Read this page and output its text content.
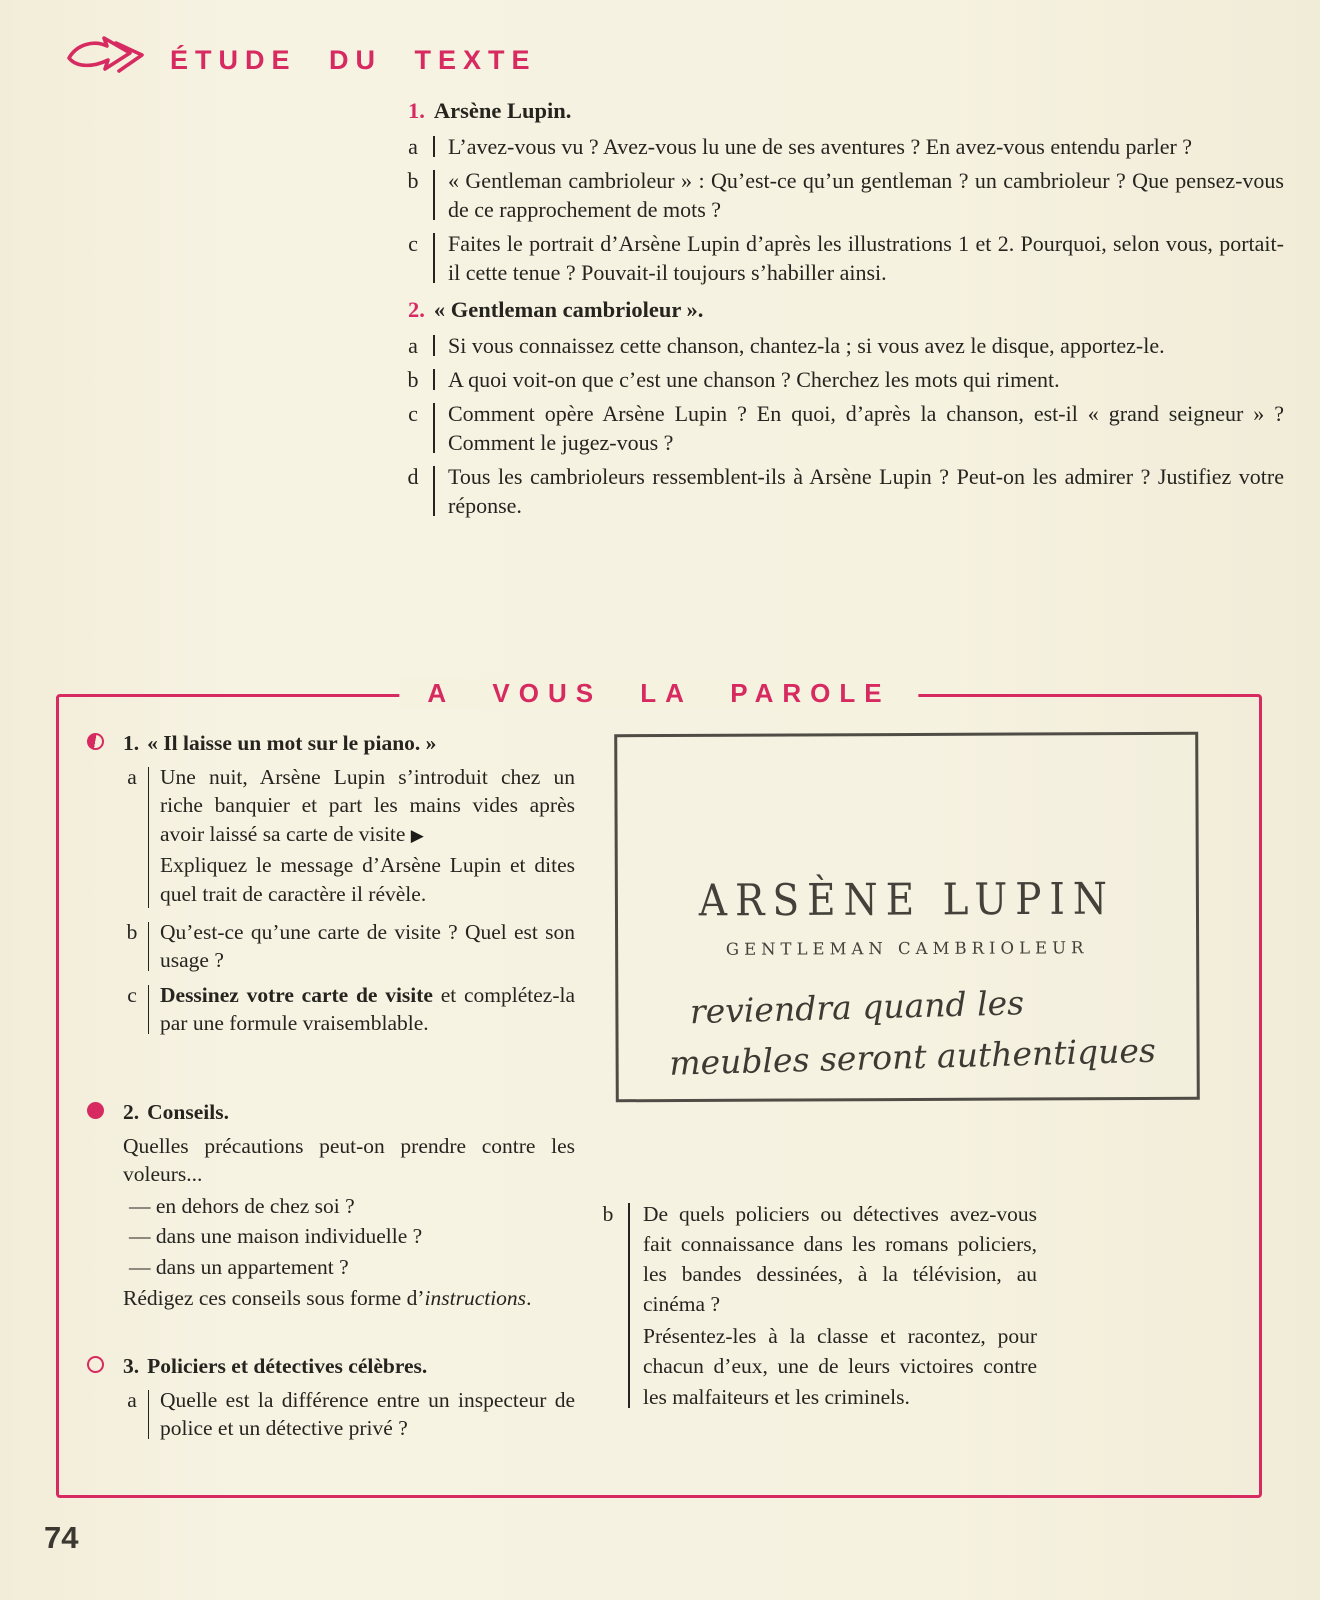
ÉTUDE DU TEXTE
1. Arsène Lupin.
a L’avez-vous vu ? Avez-vous lu une de ses aventures ? En avez-vous entendu parler ?
b « Gentleman cambrioleur » : Qu’est-ce qu’un gentleman ? un cambrioleur ? Que pensez-vous de ce rapprochement de mots ?
c Faites le portrait d’Arsène Lupin d’après les illustrations 1 et 2. Pourquoi, selon vous, portait-il cette tenue ? Pouvait-il toujours s’habiller ainsi.
2. « Gentleman cambrioleur ».
a Si vous connaissez cette chanson, chantez-la ; si vous avez le disque, apportez-le.
b A quoi voit-on que c’est une chanson ? Cherchez les mots qui riment.
c Comment opère Arsène Lupin ? En quoi, d’après la chanson, est-il « grand seigneur » ? Comment le jugez-vous ?
d Tous les cambrioleurs ressemblent-ils à Arsène Lupin ? Peut-on les admirer ? Justifiez votre réponse.
A VOUS LA PAROLE
1. « Il laisse un mot sur le piano. »
a Une nuit, Arsène Lupin s’introduit chez un riche banquier et part les mains vides après avoir laissé sa carte de visite ▶
Expliquez le message d’Arsène Lupin et dites quel trait de caractère il révèle.
b Qu’est-ce qu’une carte de visite ? Quel est son usage ?
c Dessinez votre carte de visite et complétez-la par une formule vraisemblable.
2. Conseils.
Quelles précautions peut-on prendre contre les voleurs...
— en dehors de chez soi ?
— dans une maison individuelle ?
— dans un appartement ?
Rédigez ces conseils sous forme d’instructions.
3. Policiers et détectives célèbres.
a Quelle est la différence entre un inspecteur de police et un détective privé ?
ARSÈNE LUPIN
GENTLEMAN CAMBRIOLEUR
reviendra quand les
meubles seront authentiques
b De quels policiers ou détectives avez-vous fait connaissance dans les romans policiers, les bandes dessinées, à la télévision, au cinéma ?
Présentez-les à la classe et racontez, pour chacun d’eux, une de leurs victoires contre les malfaiteurs et les criminels.
74
